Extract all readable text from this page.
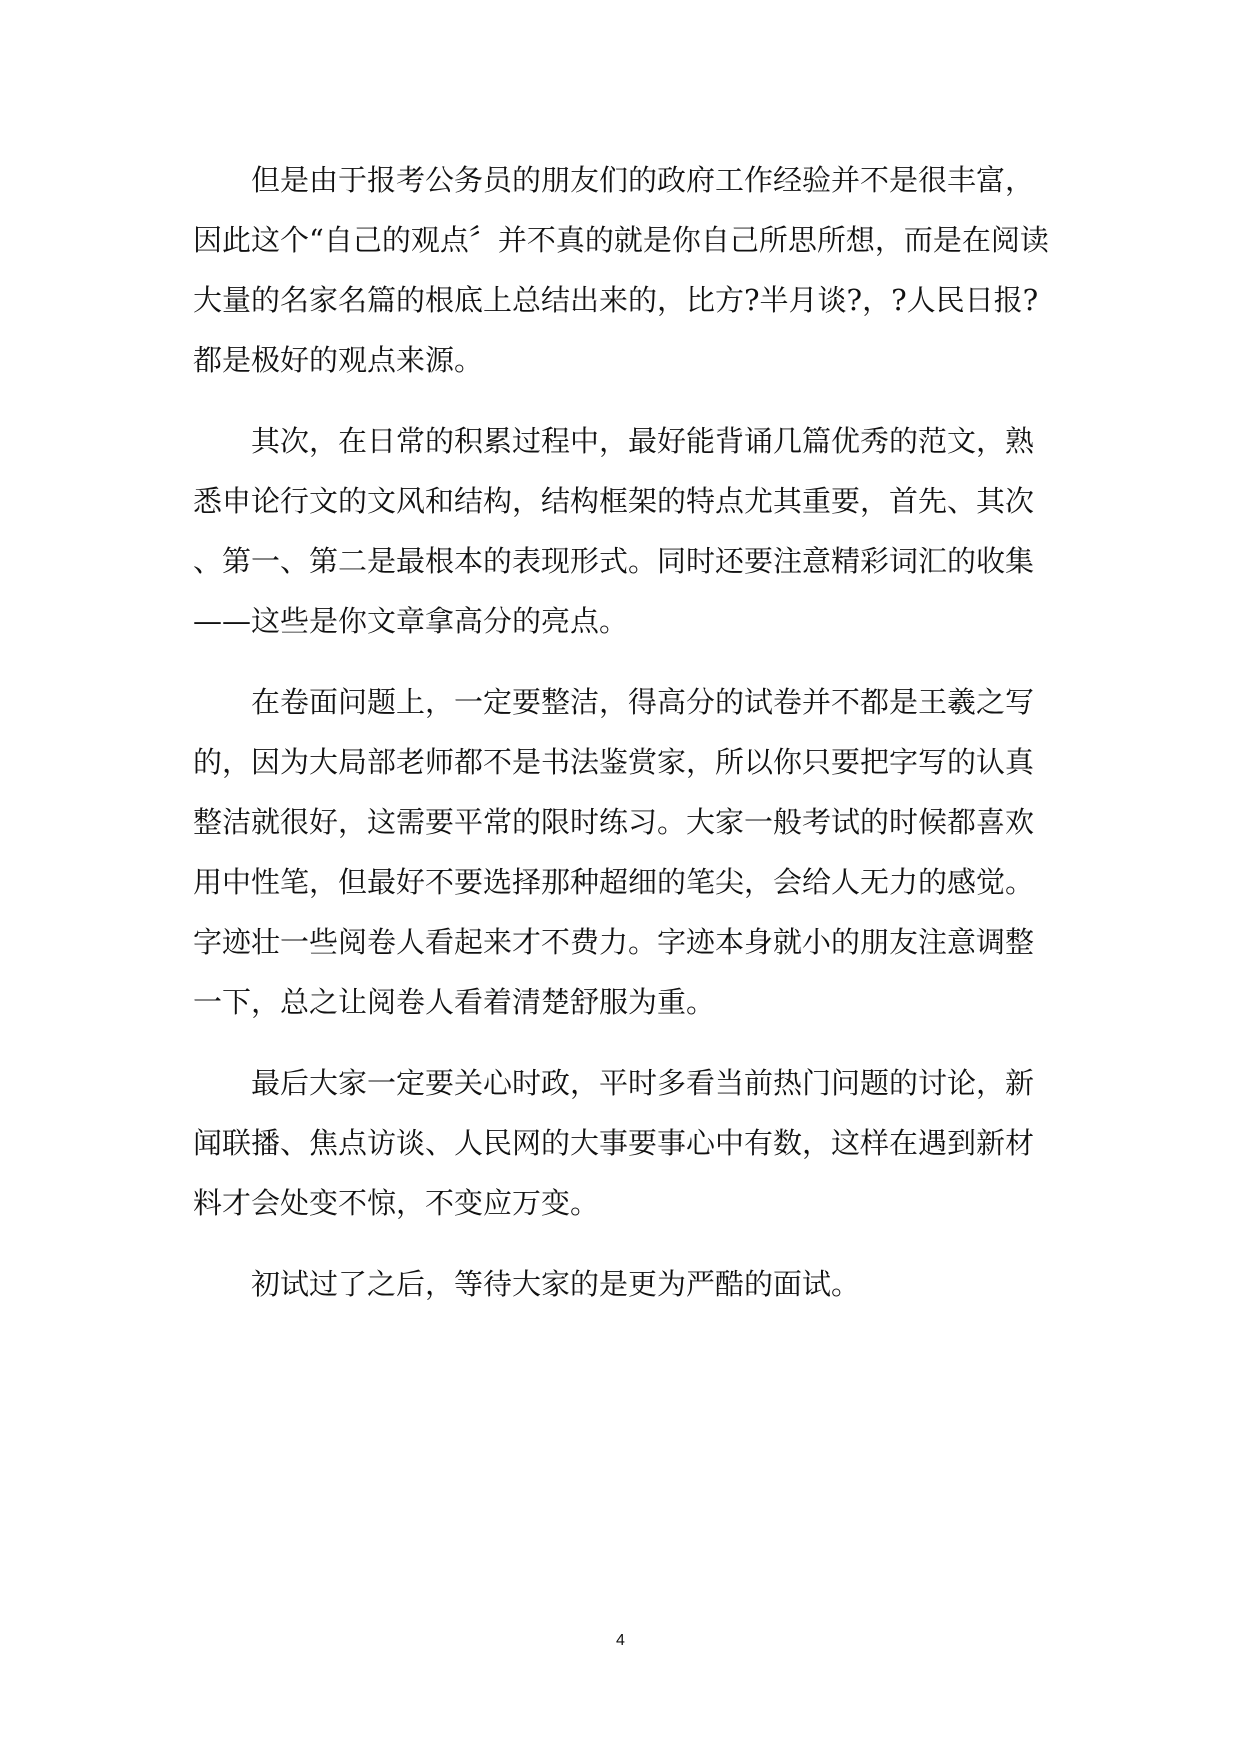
但是由于报考公务员的朋友们的政府工作经验并不是很丰富，
因此这个“自己的观点〞并不真的就是你自己所思所想，而是在阅读
大量的名家名篇的根底上总结出来的，比方?半月谈?，?人民日报?
都是极好的观点来源。

其次，在日常的积累过程中，最好能背诵几篇优秀的范文，熟
悉申论行文的文风和结构，结构框架的特点尤其重要，首先、其次
、第一、第二是最根本的表现形式。同时还要注意精彩词汇的收集
——这些是你文章拿高分的亮点。

在卷面问题上，一定要整洁，得高分的试卷并不都是王羲之写
的，因为大局部老师都不是书法鉴赏家，所以你只要把字写的认真
整洁就很好，这需要平常的限时练习。大家一般考试的时候都喜欢
用中性笔，但最好不要选择那种超细的笔尖，会给人无力的感觉。
字迹壮一些阅卷人看起来才不费力。字迹本身就小的朋友注意调整
一下，总之让阅卷人看着清楚舒服为重。

最后大家一定要关心时政，平时多看当前热门问题的讨论，新
闻联播、焦点访谈、人民网的大事要事心中有数，这样在遇到新材
料才会处变不惊，不变应万变。

初试过了之后，等待大家的是更为严酷的面试。

4
